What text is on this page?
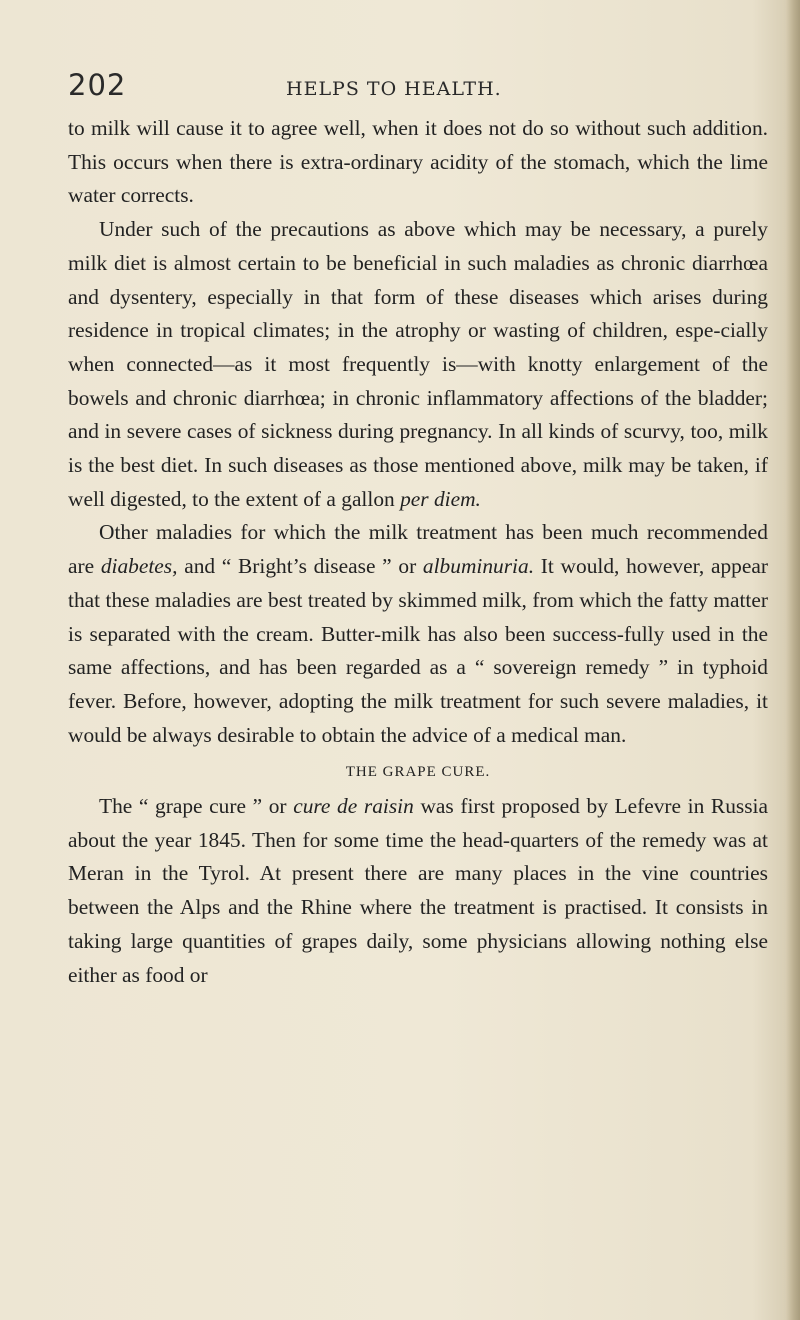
202	HELPS TO HEALTH.

to milk will cause it to agree well, when it does not do so without such addition. This occurs when there is extra-ordinary acidity of the stomach, which the lime water corrects.

Under such of the precautions as above which may be necessary, a purely milk diet is almost certain to be beneficial in such maladies as chronic diarrhœa and dysentery, especially in that form of these diseases which arises during residence in tropical climates; in the atrophy or wasting of children, espe-cially when connected—as it most frequently is—with knotty enlargement of the bowels and chronic diarrhœa; in chronic inflammatory affections of the bladder; and in severe cases of sickness during pregnancy. In all kinds of scurvy, too, milk is the best diet. In such diseases as those mentioned above, milk may be taken, if well digested, to the extent of a gallon per diem.

Other maladies for which the milk treatment has been much recommended are diabetes, and “ Bright’s disease ” or albuminuria. It would, however, appear that these maladies are best treated by skimmed milk, from which the fatty matter is separated with the cream. Butter-milk has also been success-fully used in the same affections, and has been regarded as a “ sovereign remedy ” in typhoid fever. Before, however, adopting the milk treatment for such severe maladies, it would be always desirable to obtain the advice of a medical man.

THE GRAPE CURE.

The “ grape cure ” or cure de raisin was first proposed by Lefevre in Russia about the year 1845. Then for some time the head-quarters of the remedy was at Meran in the Tyrol. At present there are many places in the vine countries between the Alps and the Rhine where the treatment is practised. It consists in taking large quantities of grapes daily, some physicians allowing nothing else either as food or
